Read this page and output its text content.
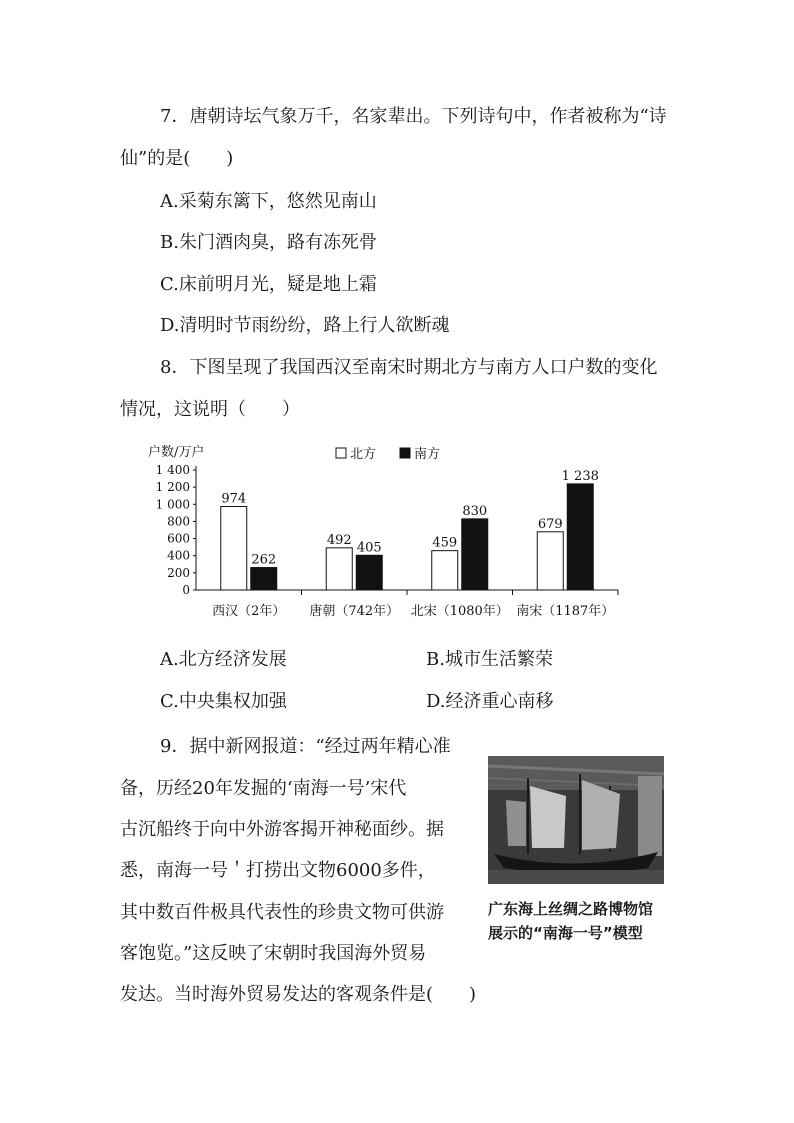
7．唐朝诗坛气象万千，名家辈出。下列诗句中，作者被称为“诗
仙”的是(　　)
A.采菊东篱下，悠然见南山
B.朱门酒肉臭，路有冻死骨
C.床前明月光，疑是地上霜
D.清明时节雨纷纷，路上行人欲断魂
8．下图呈现了我国西汉至南宋时期北方与南方人口户数的变化
情况，这说明（　　）
户数/万户
0
200
400
600
800
1 000
1 200
1 400
西汉（2年） 唐朝（742年） 北宋（1080年） 南宋（1187年）
974
492	459
679
262
405
830
1 238
北方	南方
A.北方经济发展	B.城市生活繁荣
C.中央集权加强	D.经济重心南移
9．据中新网报道：“经过两年精心准
备，历经20年发掘的‘南海一号’宋代
古沉船终于向中外游客揭开神秘面纱。据
悉，南海一号＇打捞出文物6000多件，
其中数百件极具代表性的珍贵文物可供游
客饱览。”这反映了宋朝时我国海外贸易
发达。当时海外贸易发达的客观条件是(　　)
广东海上丝绸之路博物馆
展示的“南海一号”模型
